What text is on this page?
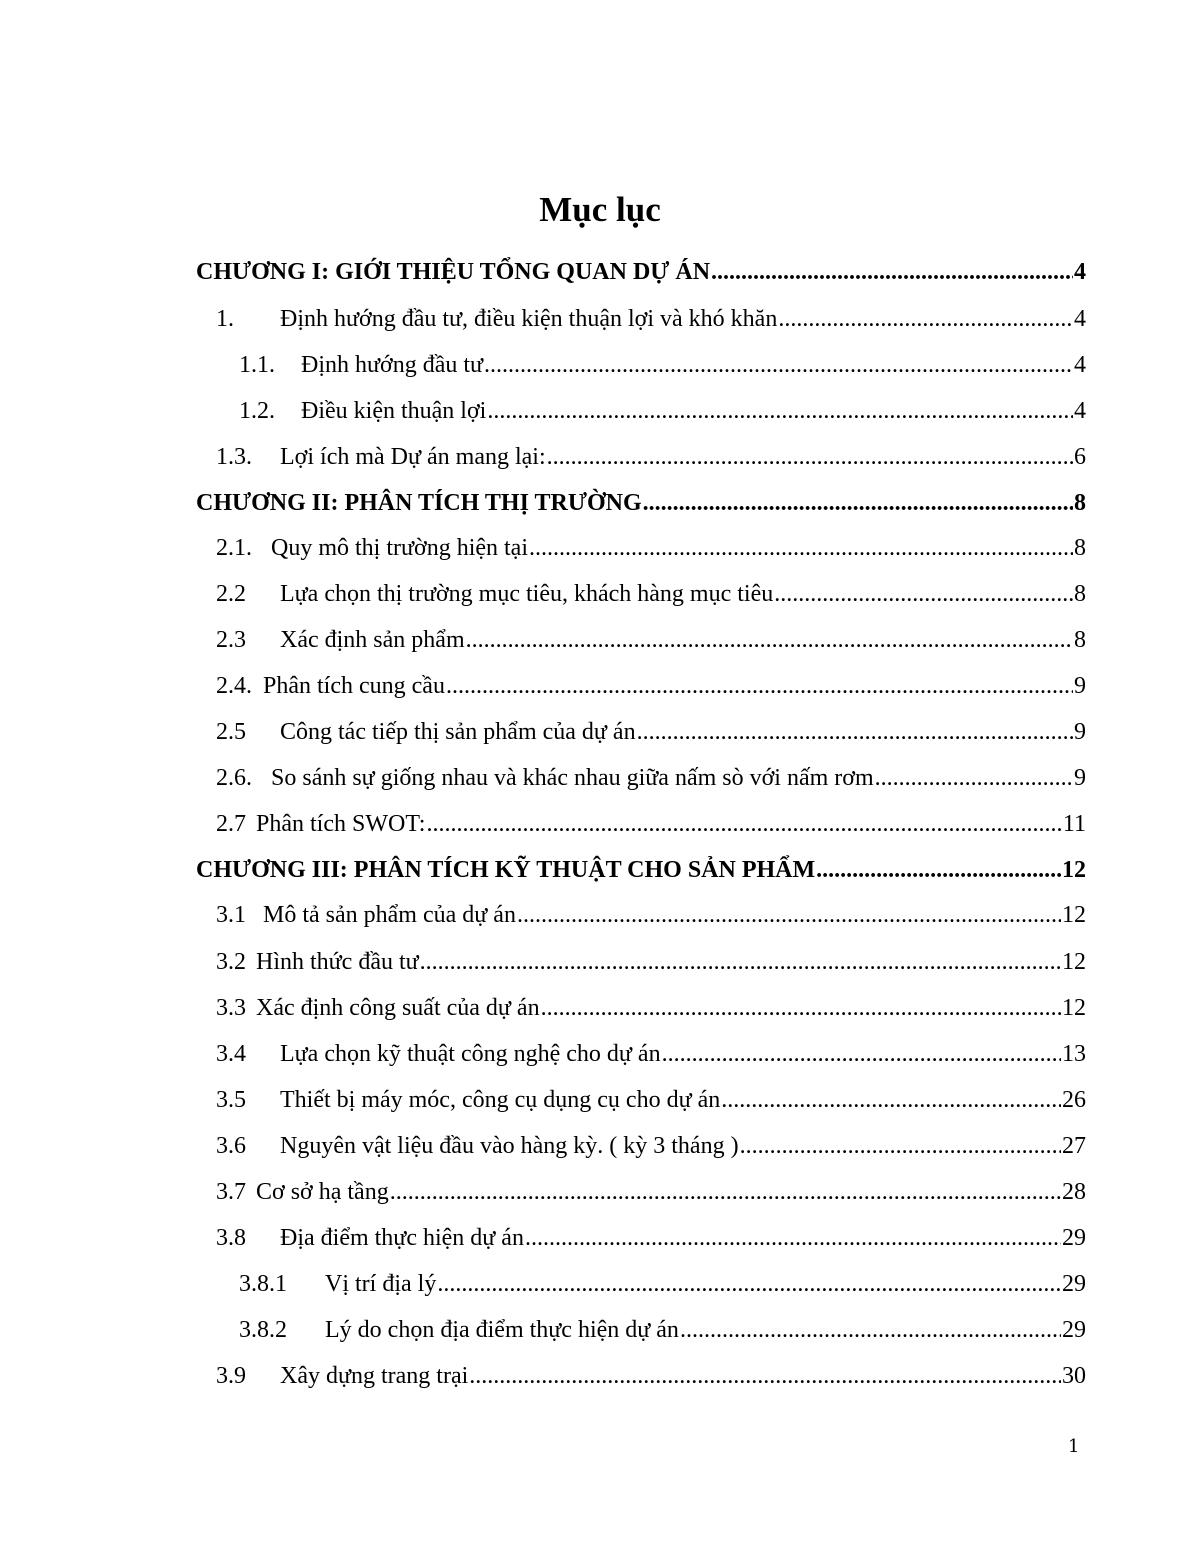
Mục lục
CHƯƠNG I: GIỚI THIỆU TỔNG QUAN DỰ ÁN .....	4
1.	Định hướng đầu tư, điều kiện thuận lợi và khó khăn .....	4
1.1.	Định hướng đầu tư .....	4
1.2.	Điều kiện thuận lợi .....	4
1.3.	Lợi ích mà Dự án mang lại: .....	6
CHƯƠNG II: PHÂN TÍCH THỊ TRƯỜNG .....	8
2.1. Quy mô thị trường hiện tại .....	8
2.2	Lựa chọn thị trường mục tiêu, khách hàng mục tiêu .....	8
2.3	Xác định sản phẩm .....	8
2.4. Phân tích cung cầu .....	9
2.5	Công tác tiếp thị sản phẩm của dự án .....	9
2.6. So sánh sự giống nhau và khác nhau giữa nấm sò với nấm rơm .....	9
2.7 Phân tích SWOT: .....	11
CHƯƠNG III: PHÂN TÍCH KỸ THUẬT CHO SẢN PHẨM .....	12
3.1 Mô tả sản phẩm của dự án .....	12
3.2 Hình thức đầu tư .....	12
3.3 Xác định công suất của dự án .....	12
3.4	Lựa chọn kỹ thuật công nghệ cho dự án .....	13
3.5	Thiết bị máy móc, công cụ dụng cụ cho dự án .....	26
3.6	Nguyên vật liệu đầu vào hàng kỳ. ( kỳ 3 tháng ) .....	27
3.7 Cơ sở hạ tầng .....	28
3.8	Địa điểm thực hiện dự án .....	29
3.8.1	Vị trí địa lý .....	29
3.8.2	Lý do chọn địa điểm thực hiện dự án .....	29
3.9	Xây dựng trang trại .....	30
1
